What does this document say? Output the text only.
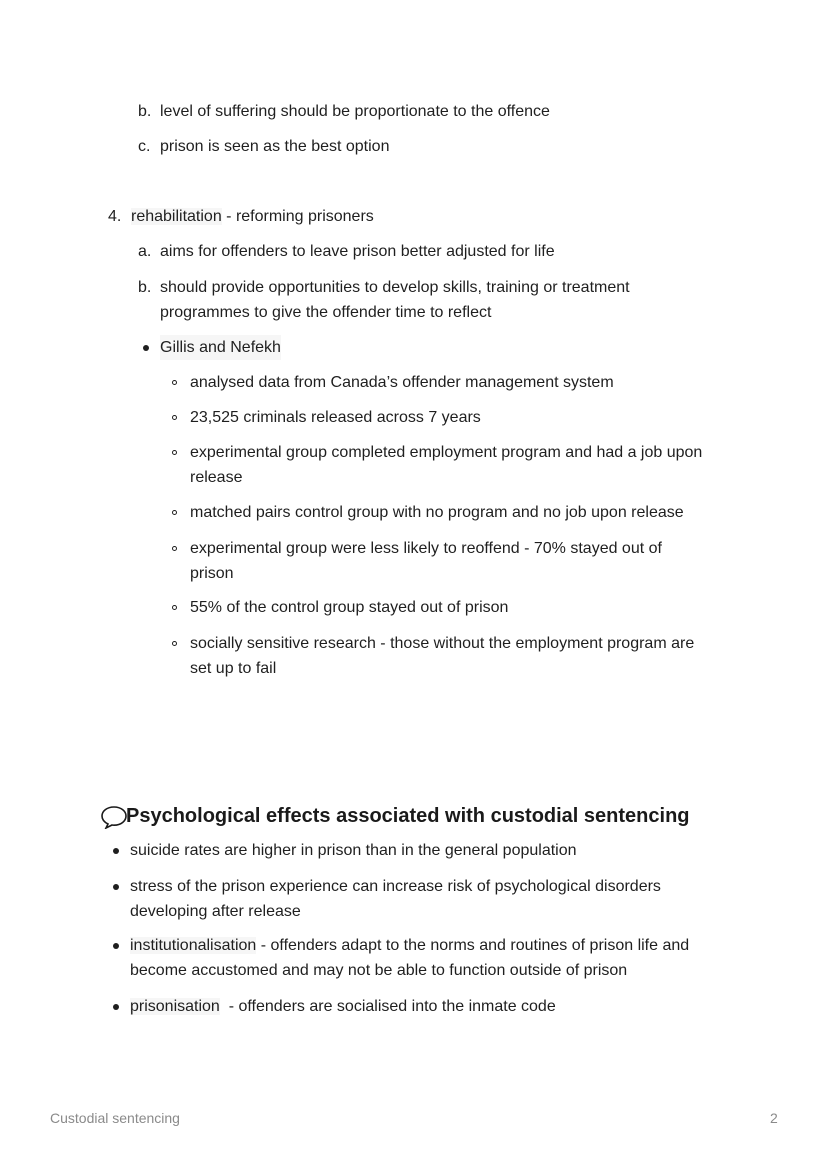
b. level of suffering should be proportionate to the offence
c. prison is seen as the best option
4. rehabilitation - reforming prisoners
a. aims for offenders to leave prison better adjusted for life
b. should provide opportunities to develop skills, training or treatment
programmes to give the offender time to reflect
Gillis and Nefekh
analysed data from Canada’s offender management system
23,525 criminals released across 7 years
experimental group completed employment program and had a job upon
release
matched pairs control group with no program and no job upon release
experimental group were less likely to reoffend - 70% stayed out of
prison
55% of the control group stayed out of prison
socially sensitive research - those without the employment program are
set up to fail
Psychological effects associated with custodial sentencing
suicide rates are higher in prison than in the general population
stress of the prison experience can increase risk of psychological disorders
developing after release
institutionalisation - offenders adapt to the norms and routines of prison life and
become accustomed and may not be able to function outside of prison
prisonisation  - offenders are socialised into the inmate code
Custodial sentencing	2
